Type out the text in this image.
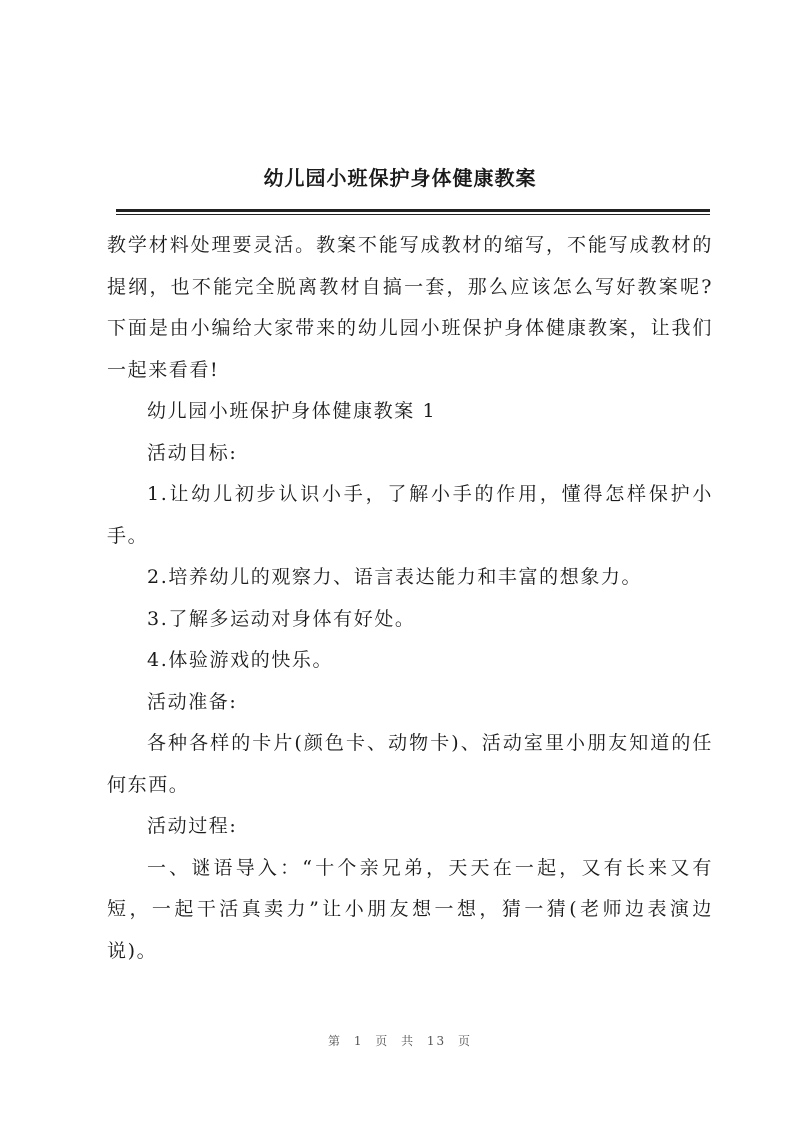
幼儿园小班保护身体健康教案

教学材料处理要灵活。教案不能写成教材的缩写，不能写成教材的提纲，也不能完全脱离教材自搞一套，那么应该怎么写好教案呢?下面是由小编给大家带来的幼儿园小班保护身体健康教案，让我们一起来看看!

幼儿园小班保护身体健康教案 1

活动目标:

1.让幼儿初步认识小手，了解小手的作用，懂得怎样保护小手。

2.培养幼儿的观察力、语言表达能力和丰富的想象力。

3.了解多运动对身体有好处。

4.体验游戏的快乐。

活动准备:

各种各样的卡片(颜色卡、动物卡)、活动室里小朋友知道的任何东西。

活动过程:

一、谜语导入：“十个亲兄弟，天天在一起，又有长来又有短，一起干活真卖力”让小朋友想一想，猜一猜(老师边表演边说)。

第 1 页 共 13 页
